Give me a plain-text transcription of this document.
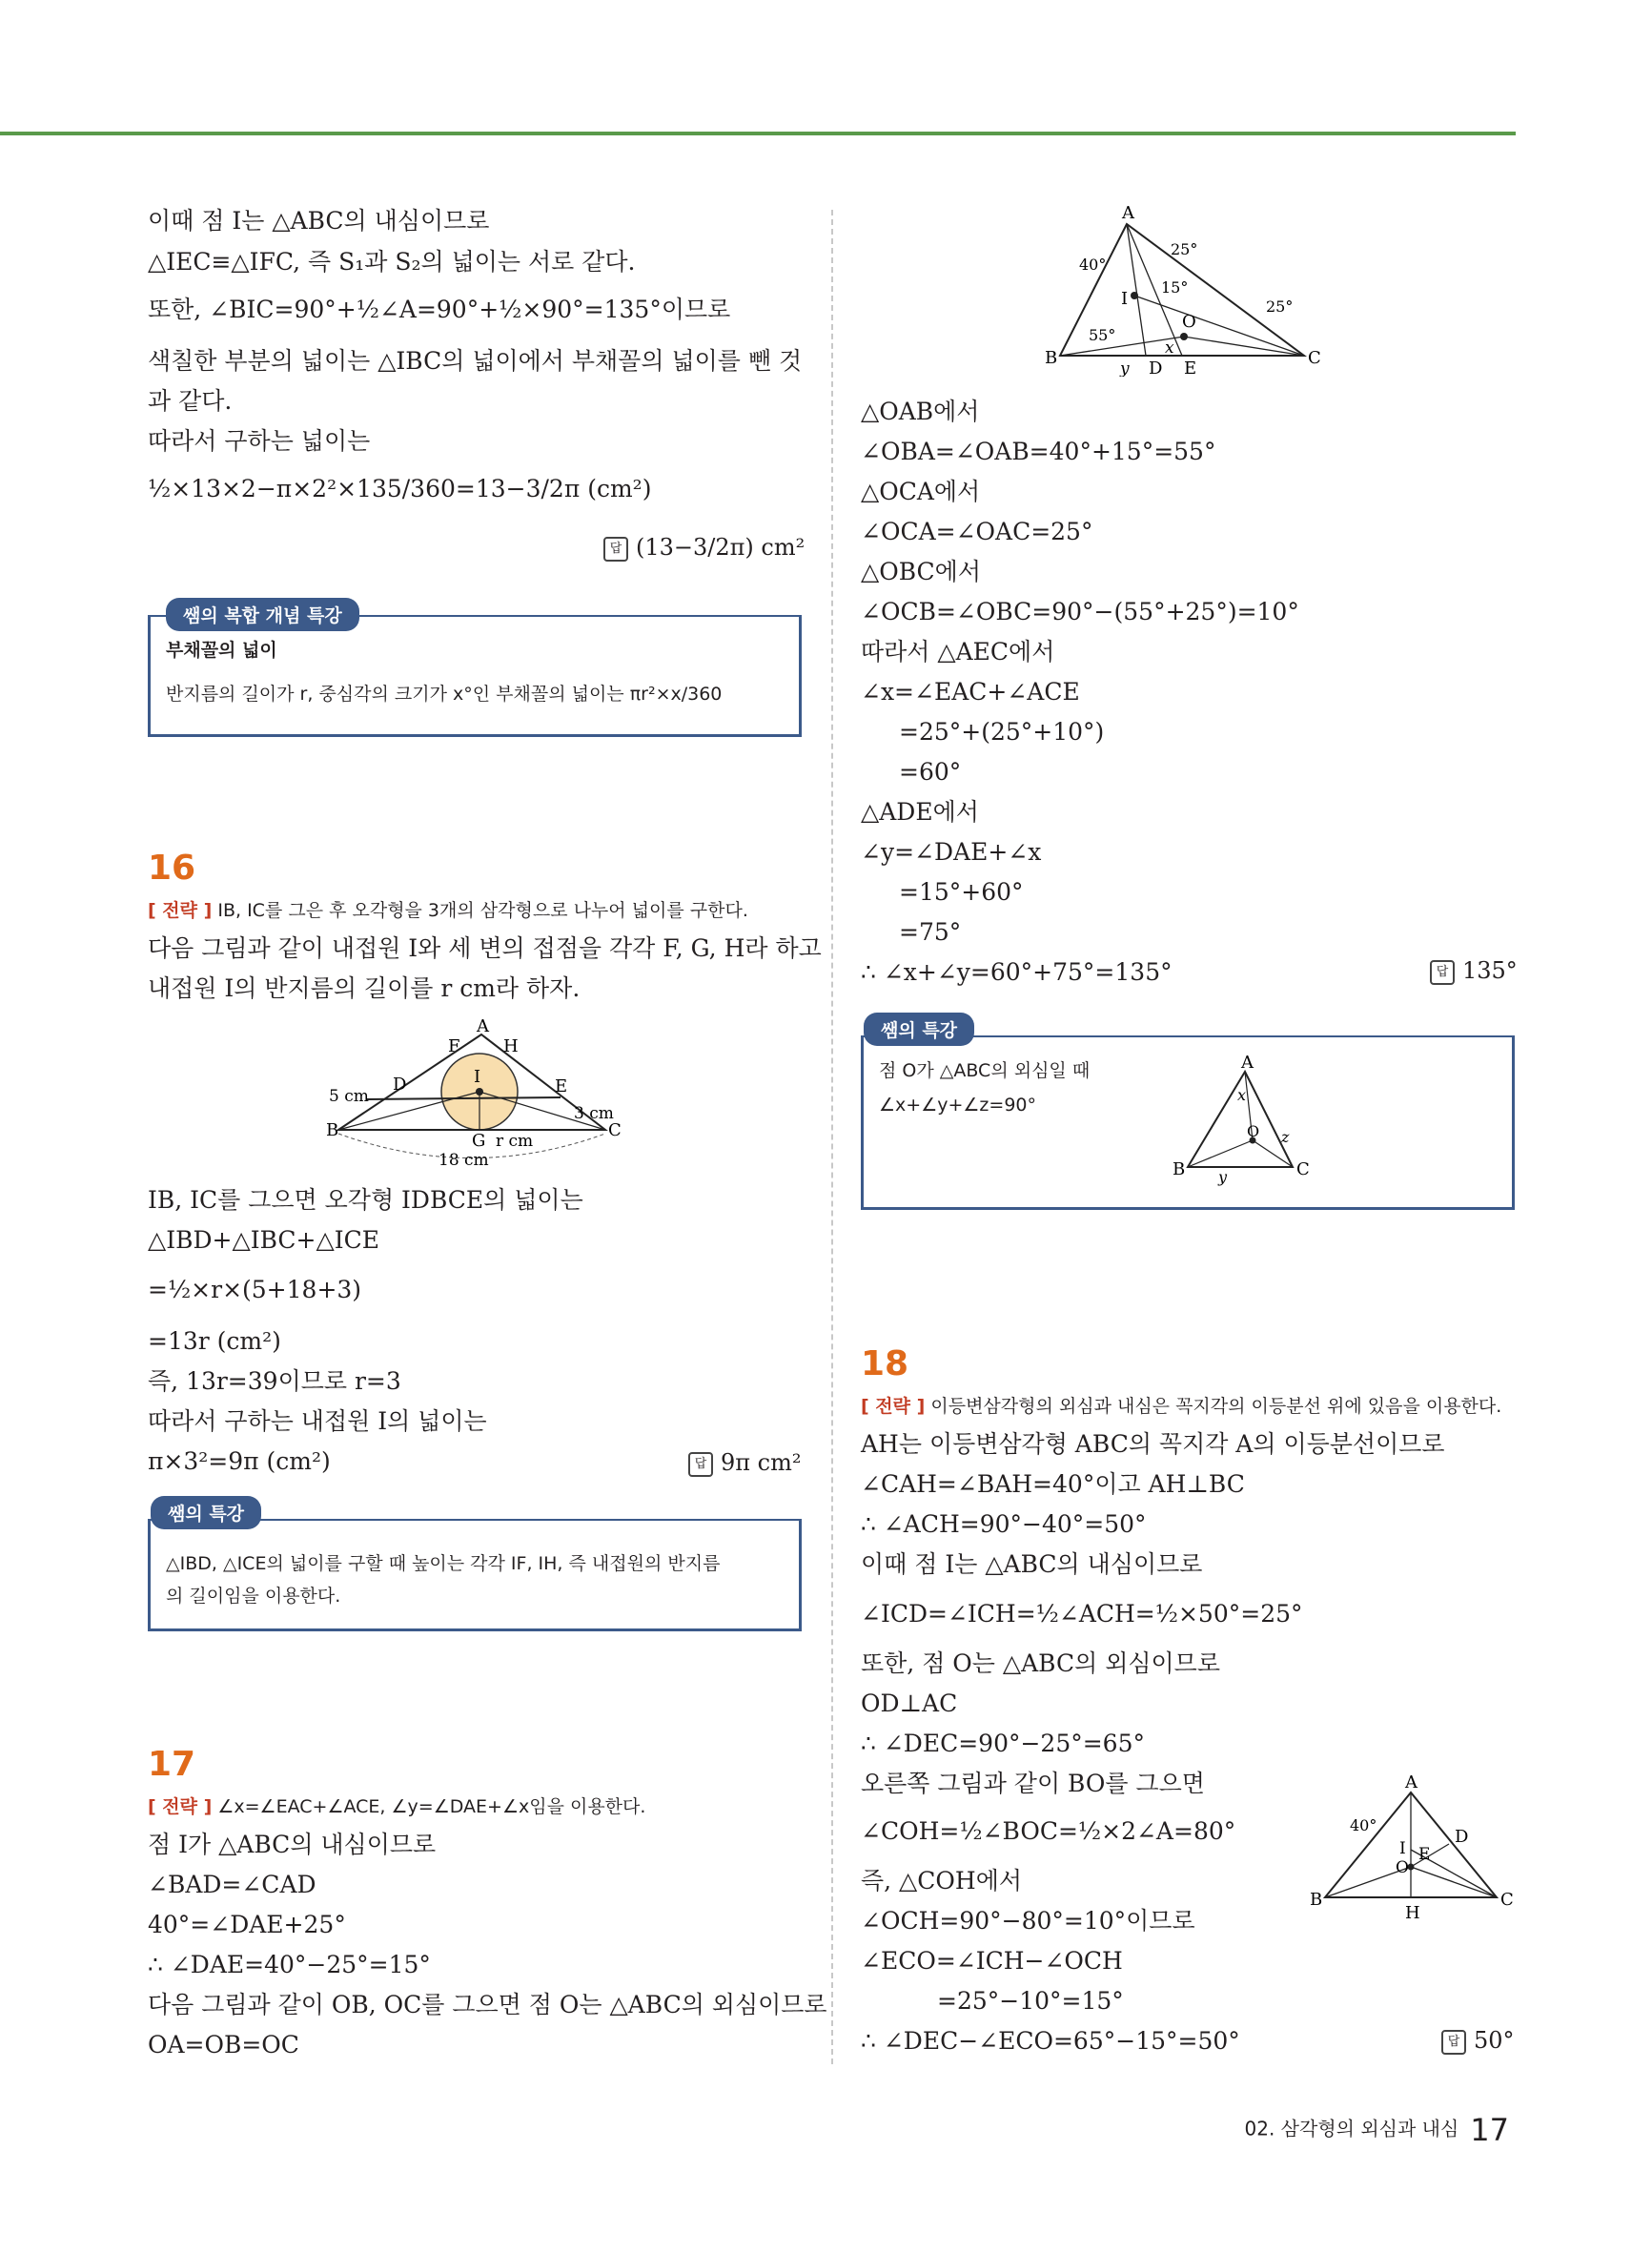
이때 점 I는 △ABC의 내심이므로
△IEC≡△IFC, 즉 S₁과 S₂의 넓이는 서로 같다.
또한, ∠BIC=90°+½∠A=90°+½×90°=135°이므로
색칠한 부분의 넓이는 △IBC의 넓이에서 부채꼴의 넓이를 뺀 것
과 같다.
따라서 구하는 넓이는
½×13×2−π×2²×135/360=13−3/2π (cm²)
답 (13−3/2π) cm²
쌤의 복합 개념 특강
부채꼴의 넓이
반지름의 길이가 r, 중심각의 크기가 x°인 부채꼴의 넓이는 πr²×x/360
16
[ 전략 ] IB, IC를 그은 후 오각형을 3개의 삼각형으로 나누어 넓이를 구한다.
다음 그림과 같이 내접원 I와 세 변의 접점을 각각 F, G, H라 하고
내접원 I의 반지름의 길이를 r cm라 하자.
A
F	H
I
D	E
B	C
G r cm
5 cm
3 cm
18 cm
IB, IC를 그으면 오각형 IDBCE의 넓이는
△IBD+△IBC+△ICE
=½×r×(5+18+3)
=13r (cm²)
즉, 13r=39이므로 r=3
따라서 구하는 내접원 I의 넓이는
π×3²=9π (cm²)	답 9π cm²
쌤의 특강
△IBD, △ICE의 넓이를 구할 때 높이는 각각 IF, IH, 즉 내접원의 반지름
의 길이임을 이용한다.
17
[ 전략 ] ∠x=∠EAC+∠ACE, ∠y=∠DAE+∠x임을 이용한다.
점 I가 △ABC의 내심이므로
∠BAD=∠CAD
40°=∠DAE+25°
∴ ∠DAE=40°−25°=15°
다음 그림과 같이 OB, OC를 그으면 점 O는 △ABC의 외심이므로
OA=OB=OC
A
B	C
D E
I
O
x
y
40°
25°
25°
15°
55°
△OAB에서
∠OBA=∠OAB=40°+15°=55°
△OCA에서
∠OCA=∠OAC=25°
△OBC에서
∠OCB=∠OBC=90°−(55°+25°)=10°
따라서 △AEC에서
∠x=∠EAC+∠ACE
=25°+(25°+10°)
=60°
△ADE에서
∠y=∠DAE+∠x
=15°+60°
=75°
∴ ∠x+∠y=60°+75°=135°	답 135°
쌤의 특강
점 O가 △ABC의 외심일 때
∠x+∠y+∠z=90°
A
B	C
O
x
y
z
18
[ 전략 ] 이등변삼각형의 외심과 내심은 꼭지각의 이등분선 위에 있음을 이용한다.
AH는 이등변삼각형 ABC의 꼭지각 A의 이등분선이므로
∠CAH=∠BAH=40°이고 AH⊥BC
∴ ∠ACH=90°−40°=50°
이때 점 I는 △ABC의 내심이므로
∠ICD=∠ICH=½∠ACH=½×50°=25°
또한, 점 O는 △ABC의 외심이므로
OD⊥AC
∴ ∠DEC=90°−25°=65°
오른쪽 그림과 같이 BO를 그으면
∠COH=½∠BOC=½×2∠A=80°
즉, △COH에서
∠OCH=90°−80°=10°이므로
∠ECO=∠ICH−∠OCH
=25°−10°=15°
∴ ∠DEC−∠ECO=65°−15°=50°	답 50°
A
B	C
H
D
E
I
O
40°
02. 삼각형의 외심과 내심 17
